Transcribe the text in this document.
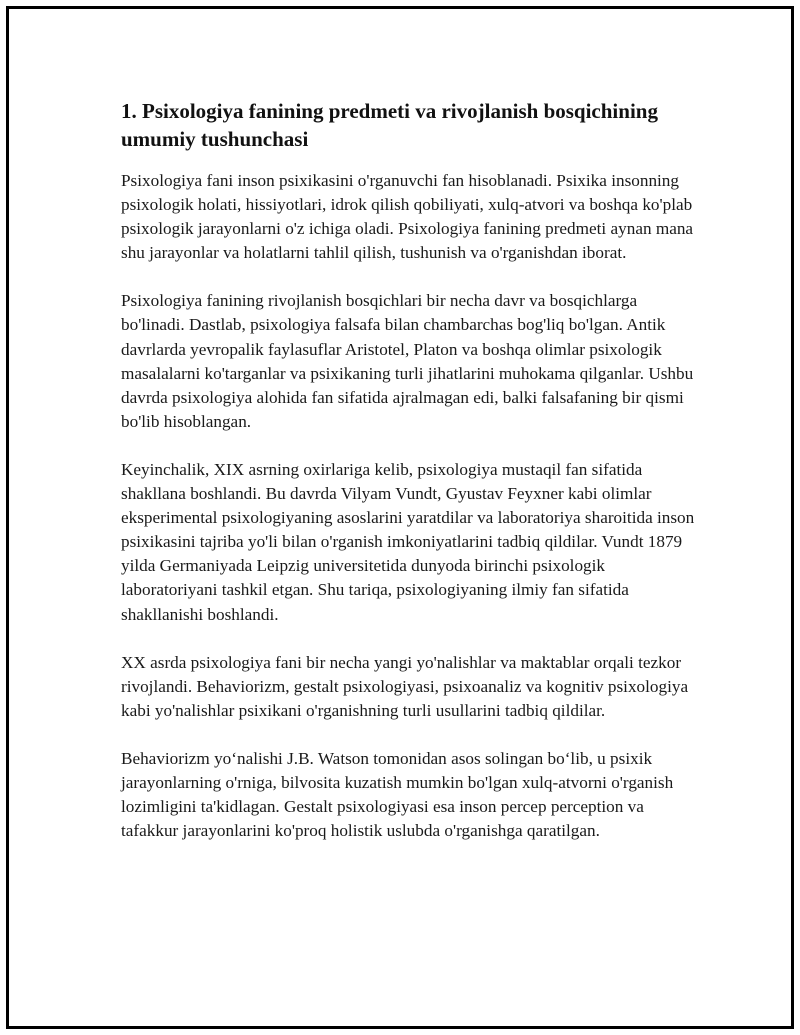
1. Psixologiya fanining predmeti va rivojlanish bosqichining umumiy tushunchasi

Psixologiya fani inson psixikasini o'rganuvchi fan hisoblanadi. Psixika insonning psixologik holati, hissiyotlari, idrok qilish qobiliyati, xulq-atvori va boshqa ko'plab psixologik jarayonlarni o'z ichiga oladi. Psixologiya fanining predmeti aynan mana shu jarayonlar va holatlarni tahlil qilish, tushunish va o'rganishdan iborat.

Psixologiya fanining rivojlanish bosqichlari bir necha davr va bosqichlarga bo'linadi. Dastlab, psixologiya falsafa bilan chambarchas bog'liq bo'lgan. Antik davrlarda yevropalik faylasuflar Aristotel, Platon va boshqa olimlar psixologik masalalarni ko'targanlar va psixikaning turli jihatlarini muhokama qilganlar. Ushbu davrda psixologiya alohida fan sifatida ajralmagan edi, balki falsafaning bir qismi bo'lib hisoblangan.

Keyinchalik, XIX asrning oxirlariga kelib, psixologiya mustaqil fan sifatida shakllana boshlandi. Bu davrda Vilyam Vundt, Gyustav Feyxner kabi olimlar eksperimental psixologiyaning asoslarini yaratdilar va laboratoriya sharoitida inson psixikasini tajriba yo'li bilan o'rganish imkoniyatlarini tadbiq qildilar. Vundt 1879 yilda Germaniyada Leipzig universitetida dunyoda birinchi psixologik laboratoriyani tashkil etgan. Shu tariqa, psixologiyaning ilmiy fan sifatida shakllanishi boshlandi.

XX asrda psixologiya fani bir necha yangi yo'nalishlar va maktablar orqali tezkor rivojlandi. Behaviorizm, gestalt psixologiyasi, psixoanaliz va kognitiv psixologiya kabi yo'nalishlar psixikani o'rganishning turli usullarini tadbiq qildilar.

Behaviorizm yo‘nalishi J.B. Watson tomonidan asos solingan bo‘lib, u psixik jarayonlarning o'rniga, bilvosita kuzatish mumkin bo'lgan xulq-atvorni o'rganish lozimligini ta'kidlagan. Gestalt psixologiyasi esa inson percep perception va tafakkur jarayonlarini ko'proq holistik uslubda o'rganishga qaratilgan.
